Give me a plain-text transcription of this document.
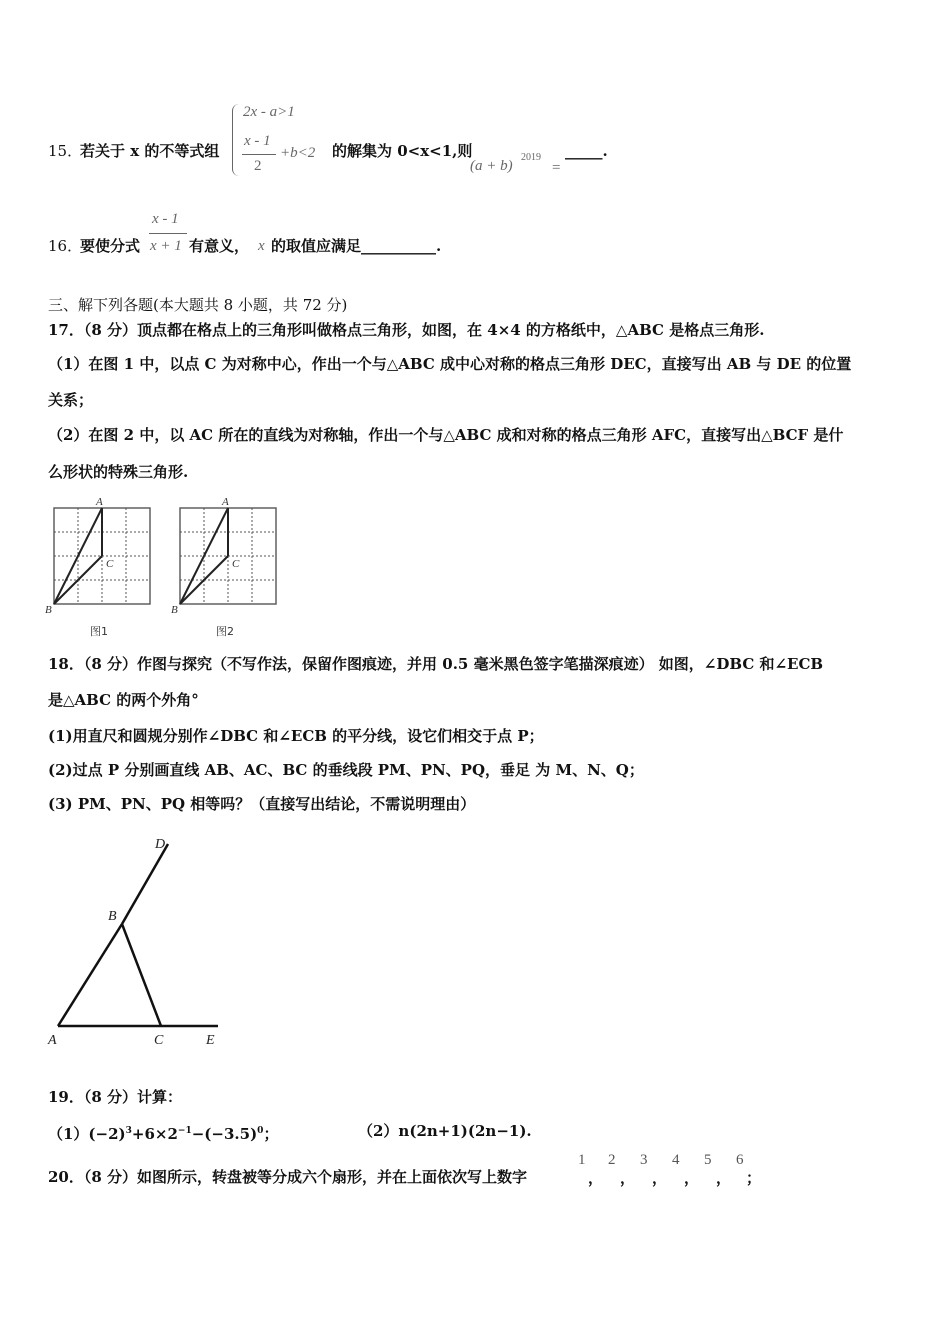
15．
若关于 x 的不等式组
2x - a>1
x - 1
2
+b<2 的解集为 0<x<1,则
(a + b)
2019
=
_____.
x - 1
16．
要使分式 x + 1 有意义， x 的取值应满足__________.
三、解下列各题(本大题共 8 小题，共 72 分)
17．（8 分）顶点都在格点上的三角形叫做格点三角形，如图，在 4×4 的方格纸中，△ABC 是格点三角形.
（1）在图 1 中，以点 C 为对称中心，作出一个与△ABC 成中心对称的格点三角形 DEC，直接写出 AB 与 DE 的位置
关系；
（2）在图 2 中，以 AC 所在的直线为对称轴，作出一个与△ABC 成和对称的格点三角形 AFC，直接写出△BCF 是什
么形状的特殊三角形.
A
C
B
图1
A
C
B
图2
18．（8 分）作图与探究（不写作法，保留作图痕迹，并用 0.5 毫米黑色签字笔描深痕迹） 如图，∠DBC 和∠ECB
是△ABC 的两个外角°
(1)用直尺和圆规分别作∠DBC 和∠ECB 的平分线，设它们相交于点 P；
(2)过点 P 分别画直线 AB、AC、BC 的垂线段 PM、PN、PQ，垂足 为 M、N、Q；
(3) PM、PN、PQ 相等吗？（直接写出结论，不需说明理由）
D
B
A	C	E
19．（8 分）计算：
$(1)(-2)^3+6\times 2^{-1}-(-3.5)^0$；	（2）n(2n+1)(2n−1).
20．（8 分）如图所示，转盘被等分成六个扇形，并在上面依次写上数字
1
，
2
，
3
，
4
，
5
，
6
；
